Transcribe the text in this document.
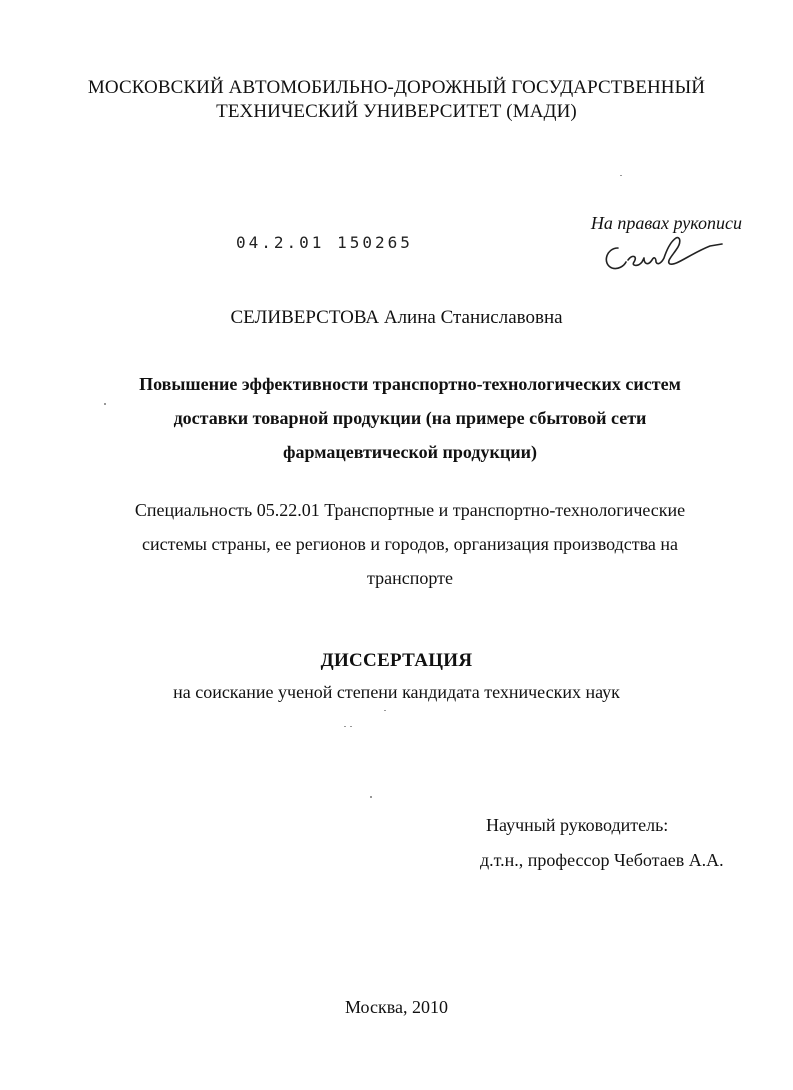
МОСКОВСКИЙ АВТОМОБИЛЬНО-ДОРОЖНЫЙ ГОСУДАРСТВЕННЫЙ
ТЕХНИЧЕСКИЙ УНИВЕРСИТЕТ (МАДИ)
На правах рукописи
04.2.01 150265
СЕЛИВЕРСТОВА Алина Станиславовна
Повышение эффективности транспортно-технологических систем
доставки товарной продукции (на примере сбытовой сети
фармацевтической продукции)
Специальность 05.22.01 Транспортные и транспортно-технологические
системы страны, ее регионов и городов, организация производства на
транспорте
ДИССЕРТАЦИЯ
на соискание ученой степени кандидата технических наук
Научный руководитель:
д.т.н., профессор Чеботаев А.А.
Москва, 2010
